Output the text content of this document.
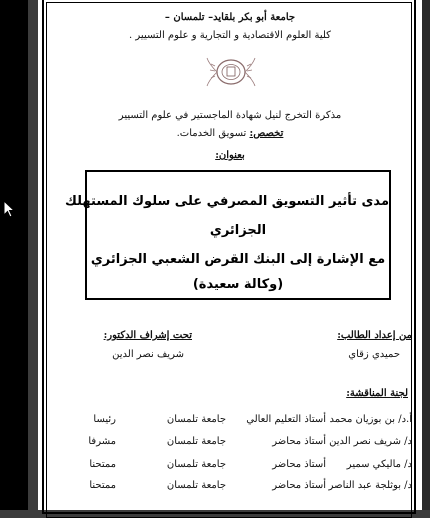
جامعة أبو بكر بلقايد– تلمسان –
كلية العلوم الاقتصادية و التجارية و علوم التسيير .
مذكرة التخرج لنيل شهادة الماجستير في علوم التسيير
تخصص: تسويق الخدمات.
بعنوان:
مدى تأثير التسويق المصرفي على سلوك المستهلك
الجزائري
مع الإشارة إلى البنك القرض الشعبي الجزائري
(وكالة سعيدة)
من إعداد الطالب:
حميدي زقاي
تحت إشراف الدكتور:
شريف نصر الدين
لجنة المناقشة:
أ.د/ بن بوزيان محمد
أستاذ التعليم العالي
جامعة تلمسان
رئيسا
د/ شريف نصر الدين
أستاذ محاضر
جامعة تلمسان
مشرفا
د/ ماليكي سمير
أستاذ محاضر
جامعة تلمسان
ممتحنا
د/ بوثلجة عبد الناصر
أستاذ محاضر
جامعة تلمسان
ممتحنا
